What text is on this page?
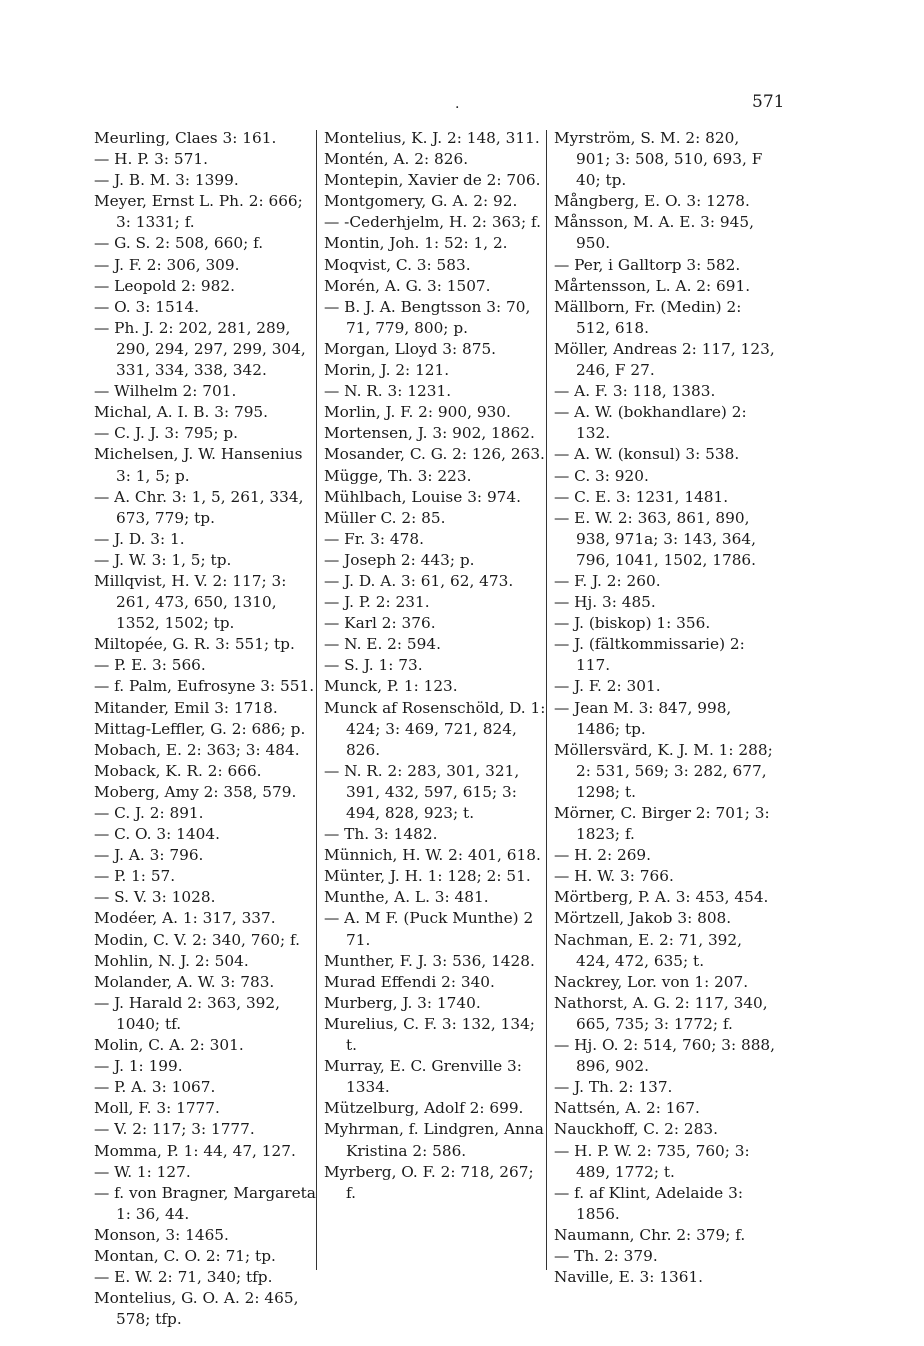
.	571
Meurling, Claes 3: 161.
— H. P. 3: 571.
— J. B. M. 3: 1399.
Meyer, Ernst L. Ph. 2: 666; 3: 1331; f.
— G. S. 2: 508, 660; f.
— J. F. 2: 306, 309.
— Leopold 2: 982.
— O. 3: 1514.
— Ph. J. 2: 202, 281, 289, 290, 294, 297, 299, 304, 331, 334, 338, 342.
— Wilhelm 2: 701.
Michal, A. I. B. 3: 795.
— C. J. J. 3: 795; p.
Michelsen, J. W. Hansenius 3: 1, 5; p.
— A. Chr. 3: 1, 5, 261, 334, 673, 779; tp.
— J. D. 3: 1.
— J. W. 3: 1, 5; tp.
Millqvist, H. V. 2: 117; 3: 261, 473, 650, 1310, 1352, 1502; tp.
Miltopée, G. R. 3: 551; tp.
— P. E. 3: 566.
— f. Palm, Eufrosyne 3: 551.
Mitander, Emil 3: 1718.
Mittag-Leffler, G. 2: 686; p.
Mobach, E. 2: 363; 3: 484.
Moback, K. R. 2: 666.
Moberg, Amy 2: 358, 579.
— C. J. 2: 891.
— C. O. 3: 1404.
— J. A. 3: 796.
— P. 1: 57.
— S. V. 3: 1028.
Modéer, A. 1: 317, 337.
Modin, C. V. 2: 340, 760; f.
Mohlin, N. J. 2: 504.
Molander, A. W. 3: 783.
— J. Harald 2: 363, 392, 1040; tf.
Molin, C. A. 2: 301.
— J. 1: 199.
— P. A. 3: 1067.
Moll, F. 3: 1777.
— V. 2: 117; 3: 1777.
Momma, P. 1: 44, 47, 127.
— W. 1: 127.
— f. von Bragner, Margareta 1: 36, 44.
Monson, 3: 1465.
Montan, C. O. 2: 71; tp.
— E. W. 2: 71, 340; tfp.
Montelius, G. O. A. 2: 465, 578; tfp.
Montelius, K. J. 2: 148, 311.
Montén, A. 2: 826.
Montepin, Xavier de 2: 706.
Montgomery, G. A. 2: 92.
— -Cederhjelm, H. 2: 363; f.
Montin, Joh. 1: 52: 1, 2.
Moqvist, C. 3: 583.
Morén, A. G. 3: 1507.
— B. J. A. Bengtsson 3: 70, 71, 779, 800; p.
Morgan, Lloyd 3: 875.
Morin, J. 2: 121.
— N. R. 3: 1231.
Morlin, J. F. 2: 900, 930.
Mortensen, J. 3: 902, 1862.
Mosander, C. G. 2: 126, 263.
Mügge, Th. 3: 223.
Mühlbach, Louise 3: 974.
Müller C. 2: 85.
— Fr. 3: 478.
— Joseph 2: 443; p.
— J. D. A. 3: 61, 62, 473.
— J. P. 2: 231.
— Karl 2: 376.
— N. E. 2: 594.
— S. J. 1: 73.
Munck, P. 1: 123.
Munck af Rosenschöld, D. 1: 424; 3: 469, 721, 824, 826.
— N. R. 2: 283, 301, 321, 391, 432, 597, 615; 3: 494, 828, 923; t.
— Th. 3: 1482.
Münnich, H. W. 2: 401, 618.
Münter, J. H. 1: 128; 2: 51.
Munthe, A. L. 3: 481.
— A. M F. (Puck Munthe) 2 71.
Munther, F. J. 3: 536, 1428.
Murad Effendi 2: 340.
Murberg, J. 3: 1740.
Murelius, C. F. 3: 132, 134; t.
Murray, E. C. Grenville 3: 1334.
Mützelburg, Adolf 2: 699.
Myhrman, f. Lindgren, Anna Kristina 2: 586.
Myrberg, O. F. 2: 718, 267; f.
Myrström, S. M. 2: 820, 901; 3: 508, 510, 693, F 40; tp.
Mångberg, E. O. 3: 1278.
Månsson, M. A. E. 3: 945, 950.
— Per, i Galltorp 3: 582.
Mårtensson, L. A. 2: 691.
Mällborn, Fr. (Medin) 2: 512, 618.
Möller, Andreas 2: 117, 123, 246, F 27.
— A. F. 3: 118, 1383.
— A. W. (bokhandlare) 2: 132.
— A. W. (konsul) 3: 538.
— C. 3: 920.
— C. E. 3: 1231, 1481.
— E. W. 2: 363, 861, 890, 938, 971a; 3: 143, 364, 796, 1041, 1502, 1786.
— F. J. 2: 260.
— Hj. 3: 485.
— J. (biskop) 1: 356.
— J. (fältkommissarie) 2: 117.
— J. F. 2: 301.
— Jean M. 3: 847, 998, 1486; tp.
Möllersvärd, K. J. M. 1: 288; 2: 531, 569; 3: 282, 677, 1298; t.
Mörner, C. Birger 2: 701; 3: 1823; f.
— H. 2: 269.
— H. W. 3: 766.
Mörtberg, P. A. 3: 453, 454.
Mörtzell, Jakob 3: 808.
Nachman, E. 2: 71, 392, 424, 472, 635; t.
Nackrey, Lor. von 1: 207.
Nathorst, A. G. 2: 117, 340, 665, 735; 3: 1772; f.
— Hj. O. 2: 514, 760; 3: 888, 896, 902.
— J. Th. 2: 137.
Nattsén, A. 2: 167.
Nauckhoff, C. 2: 283.
— H. P. W. 2: 735, 760; 3: 489, 1772; t.
— f. af Klint, Adelaide 3: 1856.
Naumann, Chr. 2: 379; f.
— Th. 2: 379.
Naville, E. 3: 1361.
